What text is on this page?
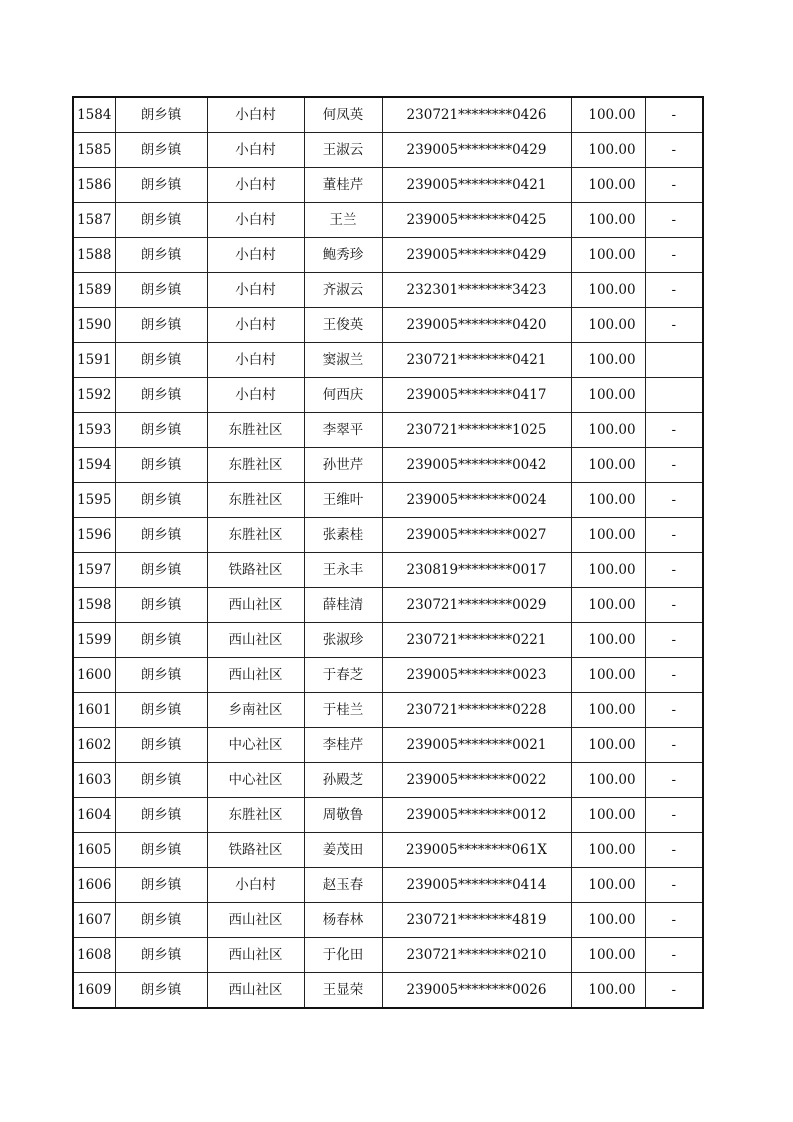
1584	朗乡镇	小白村	何凤英	230721********0426	100.00	-
1585	朗乡镇	小白村	王淑云	239005********0429	100.00	-
1586	朗乡镇	小白村	董桂芹	239005********0421	100.00	-
1587	朗乡镇	小白村	王兰	239005********0425	100.00	-
1588	朗乡镇	小白村	鲍秀珍	239005********0429	100.00	-
1589	朗乡镇	小白村	齐淑云	232301********3423	100.00	-
1590	朗乡镇	小白村	王俊英	239005********0420	100.00	-
1591	朗乡镇	小白村	窦淑兰	230721********0421	100.00	
1592	朗乡镇	小白村	何西庆	239005********0417	100.00	
1593	朗乡镇	东胜社区	李翠平	230721********1025	100.00	-
1594	朗乡镇	东胜社区	孙世芹	239005********0042	100.00	-
1595	朗乡镇	东胜社区	王维叶	239005********0024	100.00	-
1596	朗乡镇	东胜社区	张素桂	239005********0027	100.00	-
1597	朗乡镇	铁路社区	王永丰	230819********0017	100.00	-
1598	朗乡镇	西山社区	薛桂清	230721********0029	100.00	-
1599	朗乡镇	西山社区	张淑珍	230721********0221	100.00	-
1600	朗乡镇	西山社区	于春芝	239005********0023	100.00	-
1601	朗乡镇	乡南社区	于桂兰	230721********0228	100.00	-
1602	朗乡镇	中心社区	李桂芹	239005********0021	100.00	-
1603	朗乡镇	中心社区	孙殿芝	239005********0022	100.00	-
1604	朗乡镇	东胜社区	周敬鲁	239005********0012	100.00	-
1605	朗乡镇	铁路社区	姜茂田	239005********061X	100.00	-
1606	朗乡镇	小白村	赵玉春	239005********0414	100.00	-
1607	朗乡镇	西山社区	杨春林	230721********4819	100.00	-
1608	朗乡镇	西山社区	于化田	230721********0210	100.00	-
1609	朗乡镇	西山社区	王显荣	239005********0026	100.00	-
